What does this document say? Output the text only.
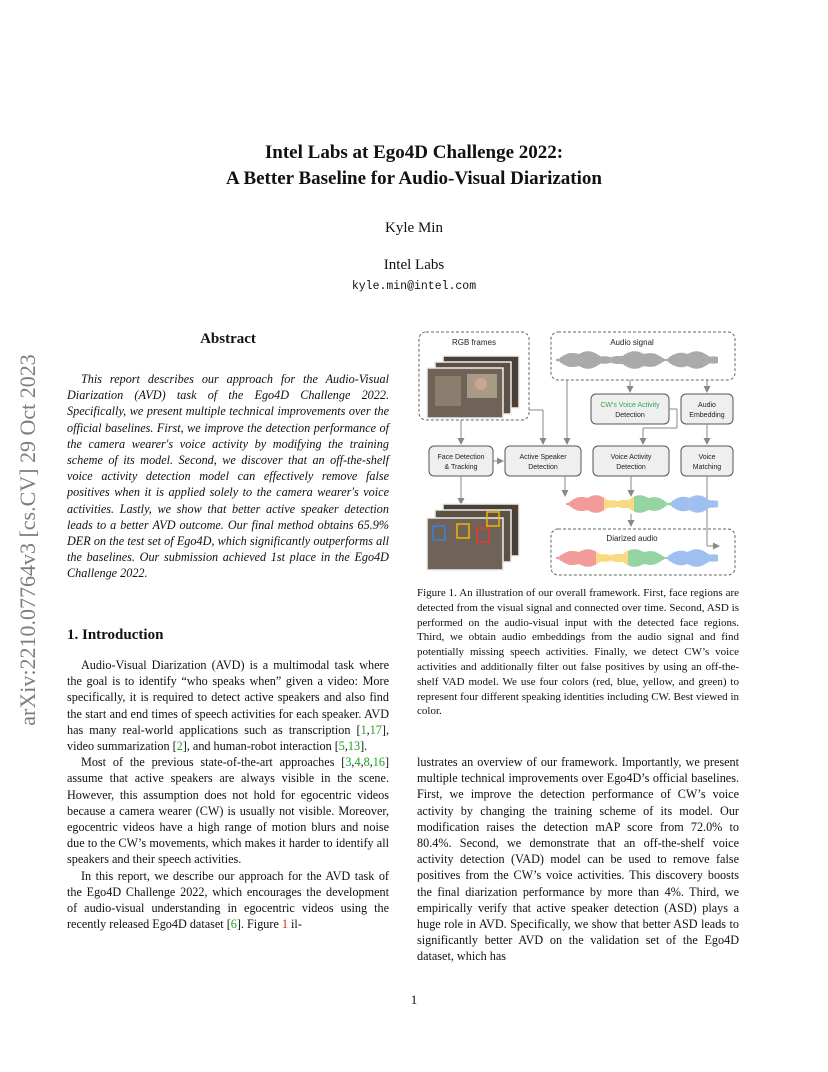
Intel Labs at Ego4D Challenge 2022:
A Better Baseline for Audio-Visual Diarization
Kyle Min
Intel Labs
kyle.min@intel.com
arXiv:2210.07764v3 [cs.CV] 29 Oct 2023
Abstract

This report describes our approach for the Audio-Visual Diarization (AVD) task of the Ego4D Challenge 2022. Specifically, we present multiple technical improvements over the official baselines. First, we improve the detection performance of the camera wearer's voice activity by modifying the training scheme of its model. Second, we discover that an off-the-shelf voice activity detection model can effectively remove false positives when it is applied solely to the camera wearer's voice activities. Lastly, we show that better active speaker detection leads to a better AVD outcome. Our final method obtains 65.9% DER on the test set of Ego4D, which significantly outperforms all the baselines. Our submission achieved 1st place in the Ego4D Challenge 2022.

1. Introduction

Audio-Visual Diarization (AVD) is a multimodal task where the goal is to identify “who speaks when” given a video: More specifically, it is required to detect active speakers and also find the start and end times of speech activities for each speaker. AVD has many real-world applications such as transcription [1,17], video summarization [2], and human-robot interaction [5,13].

Most of the previous state-of-the-art approaches [3,4,8,16] assume that active speakers are always visible in the scene. However, this assumption does not hold for egocentric videos because a camera wearer (CW) is usually not visible. Moreover, egocentric videos have a high range of motion blurs and noise due to the CW’s movements, which makes it harder to identify all speakers and their speech activities.

In this report, we describe our approach for the AVD task of the Ego4D Challenge 2022, which encourages the development of audio-visual understanding in egocentric videos using the recently released Ego4D dataset [6]. Figure 1 il-

RGB frames	Audio signal
CW's Voice Activity
Detection
Audio
Embedding
Face Detection
& Tracking
Active Speaker
Detection
Voice Activity
Detection
Voice
Matching
Diarized audio

Figure 1. An illustration of our overall framework. First, face regions are detected from the visual signal and connected over time. Second, ASD is performed on the audio-visual input with the detected face regions. Third, we obtain audio embeddings from the audio signal and find potentially missing speech activities. Finally, we detect CW’s voice activities and additionally filter out false positives by using an off-the-shelf VAD model. We use four colors (red, blue, yellow, and green) to represent four different speaking identities including CW. Best viewed in color.

lustrates an overview of our framework. Importantly, we present multiple technical improvements over Ego4D’s official baselines. First, we improve the detection performance of CW’s voice activity by changing the training scheme of its model. Our modification raises the detection mAP score from 72.0% to 80.4%. Second, we demonstrate that an off-the-shelf voice activity detection (VAD) model can be used to remove false positives from the CW’s voice activities. This discovery boosts the final diarization performance by more than 4%. Third, we empirically verify that active speaker detection (ASD) plays a huge role in AVD. Specifically, we show that better ASD leads to significantly better AVD on the validation set of the Ego4D dataset, which has

1
